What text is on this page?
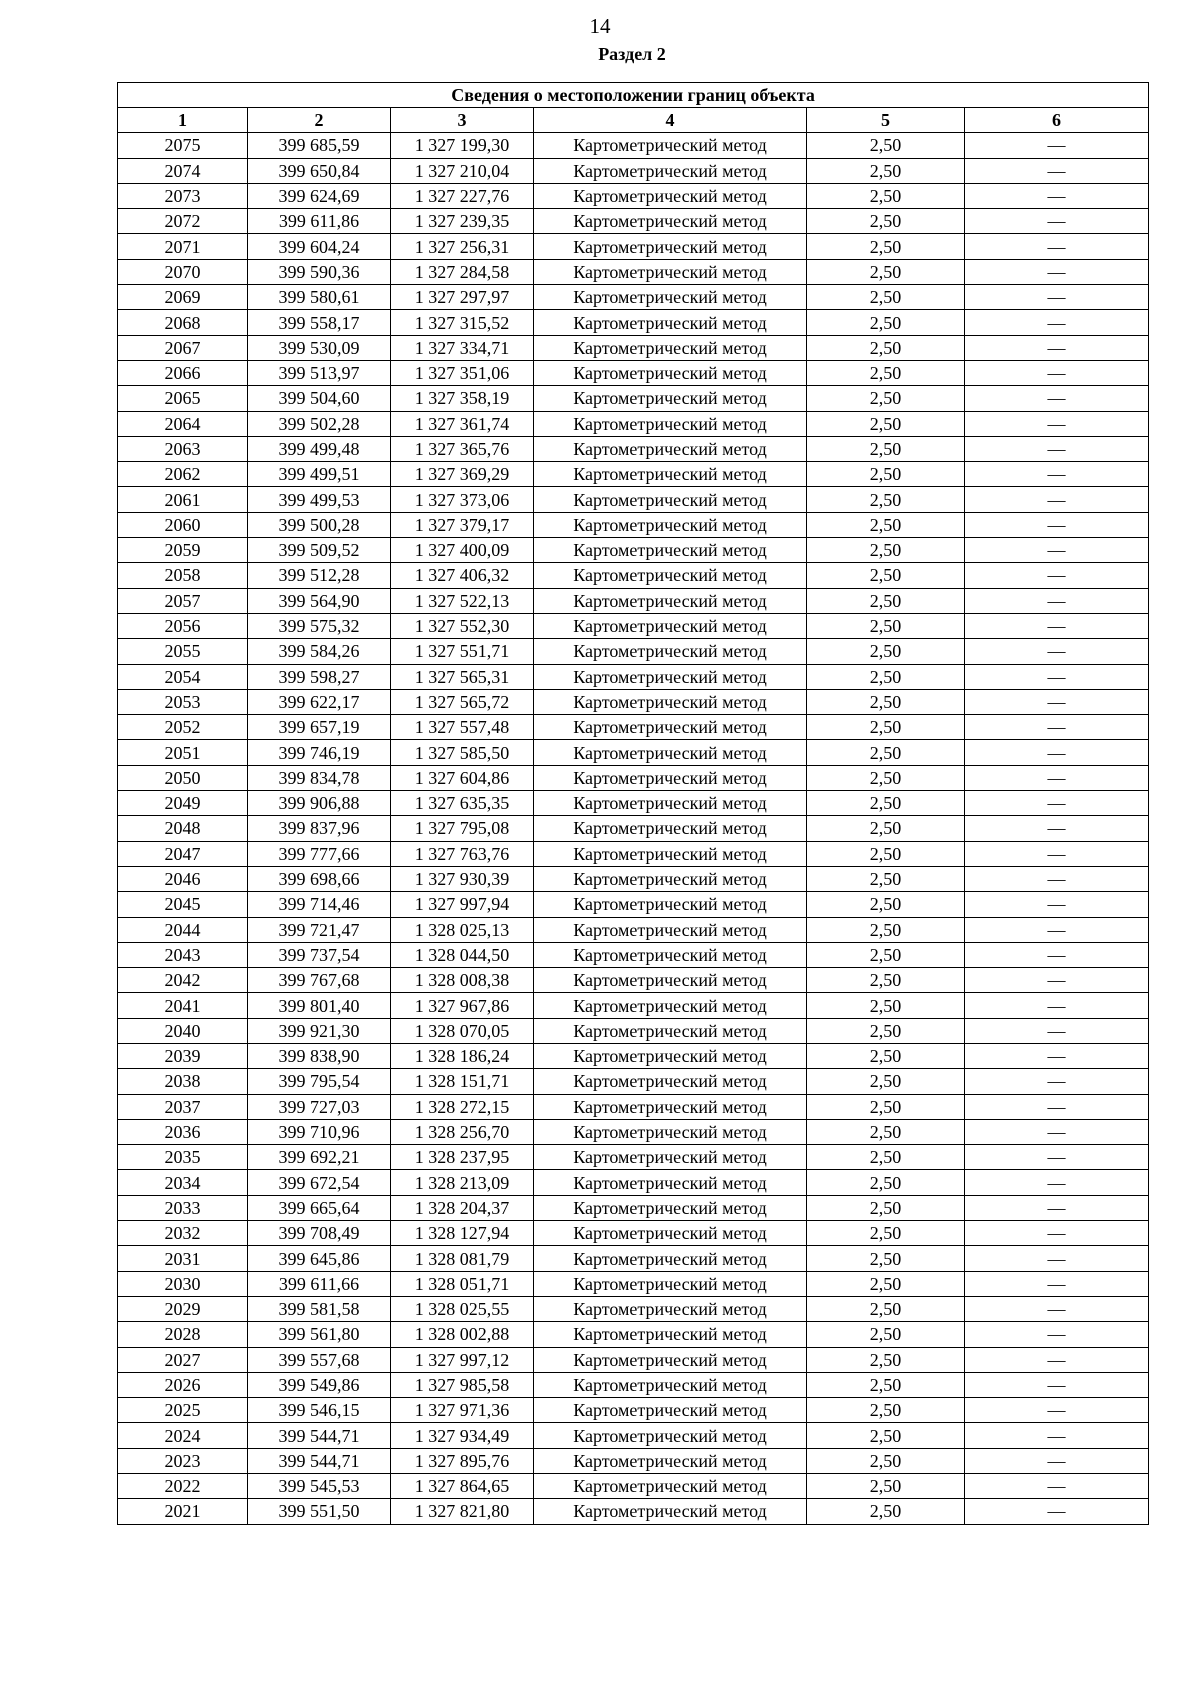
14
Раздел 2
Сведения о местоположении границ объекта					
1	2	3	4	5	6
2075	399 685,59	1 327 199,30	Картометрический метод	2,50	—
2074	399 650,84	1 327 210,04	Картометрический метод	2,50	—
2073	399 624,69	1 327 227,76	Картометрический метод	2,50	—
2072	399 611,86	1 327 239,35	Картометрический метод	2,50	—
2071	399 604,24	1 327 256,31	Картометрический метод	2,50	—
2070	399 590,36	1 327 284,58	Картометрический метод	2,50	—
2069	399 580,61	1 327 297,97	Картометрический метод	2,50	—
2068	399 558,17	1 327 315,52	Картометрический метод	2,50	—
2067	399 530,09	1 327 334,71	Картометрический метод	2,50	—
2066	399 513,97	1 327 351,06	Картометрический метод	2,50	—
2065	399 504,60	1 327 358,19	Картометрический метод	2,50	—
2064	399 502,28	1 327 361,74	Картометрический метод	2,50	—
2063	399 499,48	1 327 365,76	Картометрический метод	2,50	—
2062	399 499,51	1 327 369,29	Картометрический метод	2,50	—
2061	399 499,53	1 327 373,06	Картометрический метод	2,50	—
2060	399 500,28	1 327 379,17	Картометрический метод	2,50	—
2059	399 509,52	1 327 400,09	Картометрический метод	2,50	—
2058	399 512,28	1 327 406,32	Картометрический метод	2,50	—
2057	399 564,90	1 327 522,13	Картометрический метод	2,50	—
2056	399 575,32	1 327 552,30	Картометрический метод	2,50	—
2055	399 584,26	1 327 551,71	Картометрический метод	2,50	—
2054	399 598,27	1 327 565,31	Картометрический метод	2,50	—
2053	399 622,17	1 327 565,72	Картометрический метод	2,50	—
2052	399 657,19	1 327 557,48	Картометрический метод	2,50	—
2051	399 746,19	1 327 585,50	Картометрический метод	2,50	—
2050	399 834,78	1 327 604,86	Картометрический метод	2,50	—
2049	399 906,88	1 327 635,35	Картометрический метод	2,50	—
2048	399 837,96	1 327 795,08	Картометрический метод	2,50	—
2047	399 777,66	1 327 763,76	Картометрический метод	2,50	—
2046	399 698,66	1 327 930,39	Картометрический метод	2,50	—
2045	399 714,46	1 327 997,94	Картометрический метод	2,50	—
2044	399 721,47	1 328 025,13	Картометрический метод	2,50	—
2043	399 737,54	1 328 044,50	Картометрический метод	2,50	—
2042	399 767,68	1 328 008,38	Картометрический метод	2,50	—
2041	399 801,40	1 327 967,86	Картометрический метод	2,50	—
2040	399 921,30	1 328 070,05	Картометрический метод	2,50	—
2039	399 838,90	1 328 186,24	Картометрический метод	2,50	—
2038	399 795,54	1 328 151,71	Картометрический метод	2,50	—
2037	399 727,03	1 328 272,15	Картометрический метод	2,50	—
2036	399 710,96	1 328 256,70	Картометрический метод	2,50	—
2035	399 692,21	1 328 237,95	Картометрический метод	2,50	—
2034	399 672,54	1 328 213,09	Картометрический метод	2,50	—
2033	399 665,64	1 328 204,37	Картометрический метод	2,50	—
2032	399 708,49	1 328 127,94	Картометрический метод	2,50	—
2031	399 645,86	1 328 081,79	Картометрический метод	2,50	—
2030	399 611,66	1 328 051,71	Картометрический метод	2,50	—
2029	399 581,58	1 328 025,55	Картометрический метод	2,50	—
2028	399 561,80	1 328 002,88	Картометрический метод	2,50	—
2027	399 557,68	1 327 997,12	Картометрический метод	2,50	—
2026	399 549,86	1 327 985,58	Картометрический метод	2,50	—
2025	399 546,15	1 327 971,36	Картометрический метод	2,50	—
2024	399 544,71	1 327 934,49	Картометрический метод	2,50	—
2023	399 544,71	1 327 895,76	Картометрический метод	2,50	—
2022	399 545,53	1 327 864,65	Картометрический метод	2,50	—
2021	399 551,50	1 327 821,80	Картометрический метод	2,50	—
